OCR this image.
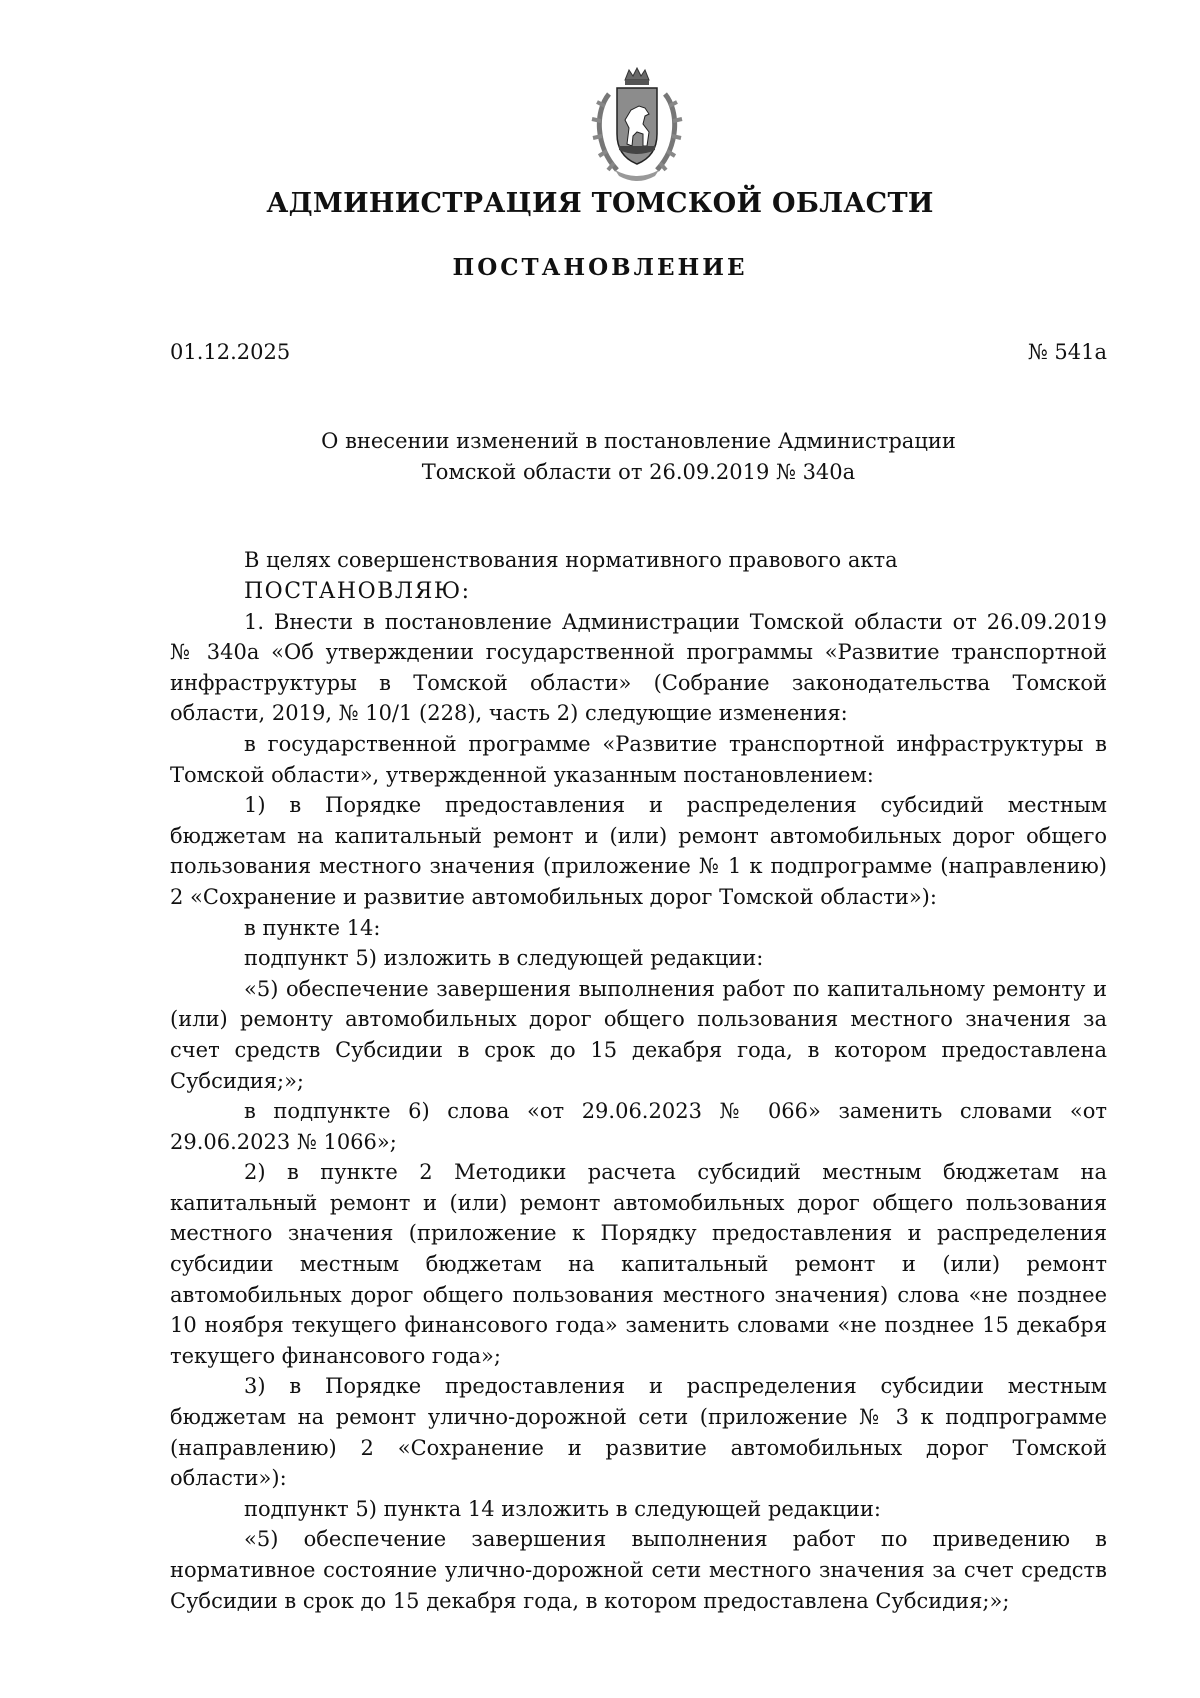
АДМИНИСТРАЦИЯ ТОМСКОЙ ОБЛАСТИ
ПОСТАНОВЛЕНИЕ
01.12.2025	№ 541а
О внесении изменений в постановление Администрации
Томской области от 26.09.2019 № 340а

В целях совершенствования нормативного правового акта

ПОСТАНОВЛЯЮ:

1. Внести в постановление Администрации Томской области от 26.09.2019 № 340а «Об утверждении государственной программы «Развитие транспортной инфраструктуры в Томской области» (Собрание законодательства Томской области, 2019, № 10/1 (228), часть 2) следующие изменения:

в государственной программе «Развитие транспортной инфраструктуры в Томской области», утвержденной указанным постановлением:

1) в Порядке предоставления и распределения субсидий местным бюджетам на капитальный ремонт и (или) ремонт автомобильных дорог общего пользования местного значения (приложение № 1 к подпрограмме (направлению) 2 «Сохранение и развитие автомобильных дорог Томской области»):

в пункте 14:

подпункт 5) изложить в следующей редакции:

«5) обеспечение завершения выполнения работ по капитальному ремонту и (или) ремонту автомобильных дорог общего пользования местного значения за счет средств Субсидии в срок до 15 декабря года, в котором предоставлена Субсидия;»;

в подпункте 6) слова «от 29.06.2023 № 066» заменить словами «от 29.06.2023 № 1066»;

2) в пункте 2 Методики расчета субсидий местным бюджетам на капитальный ремонт и (или) ремонт автомобильных дорог общего пользования местного значения (приложение к Порядку предоставления и распределения субсидии местным бюджетам на капитальный ремонт и (или) ремонт автомобильных дорог общего пользования местного значения) слова «не позднее 10 ноября текущего финансового года» заменить словами «не позднее 15 декабря текущего финансового года»;

3) в Порядке предоставления и распределения субсидии местным бюджетам на ремонт улично-дорожной сети (приложение № 3 к подпрограмме (направлению) 2 «Сохранение и развитие автомобильных дорог Томской области»):

подпункт 5) пункта 14 изложить в следующей редакции:

«5) обеспечение завершения выполнения работ по приведению в нормативное состояние улично-дорожной сети местного значения за счет средств Субсидии в срок до 15 декабря года, в котором предоставлена Субсидия;»;
